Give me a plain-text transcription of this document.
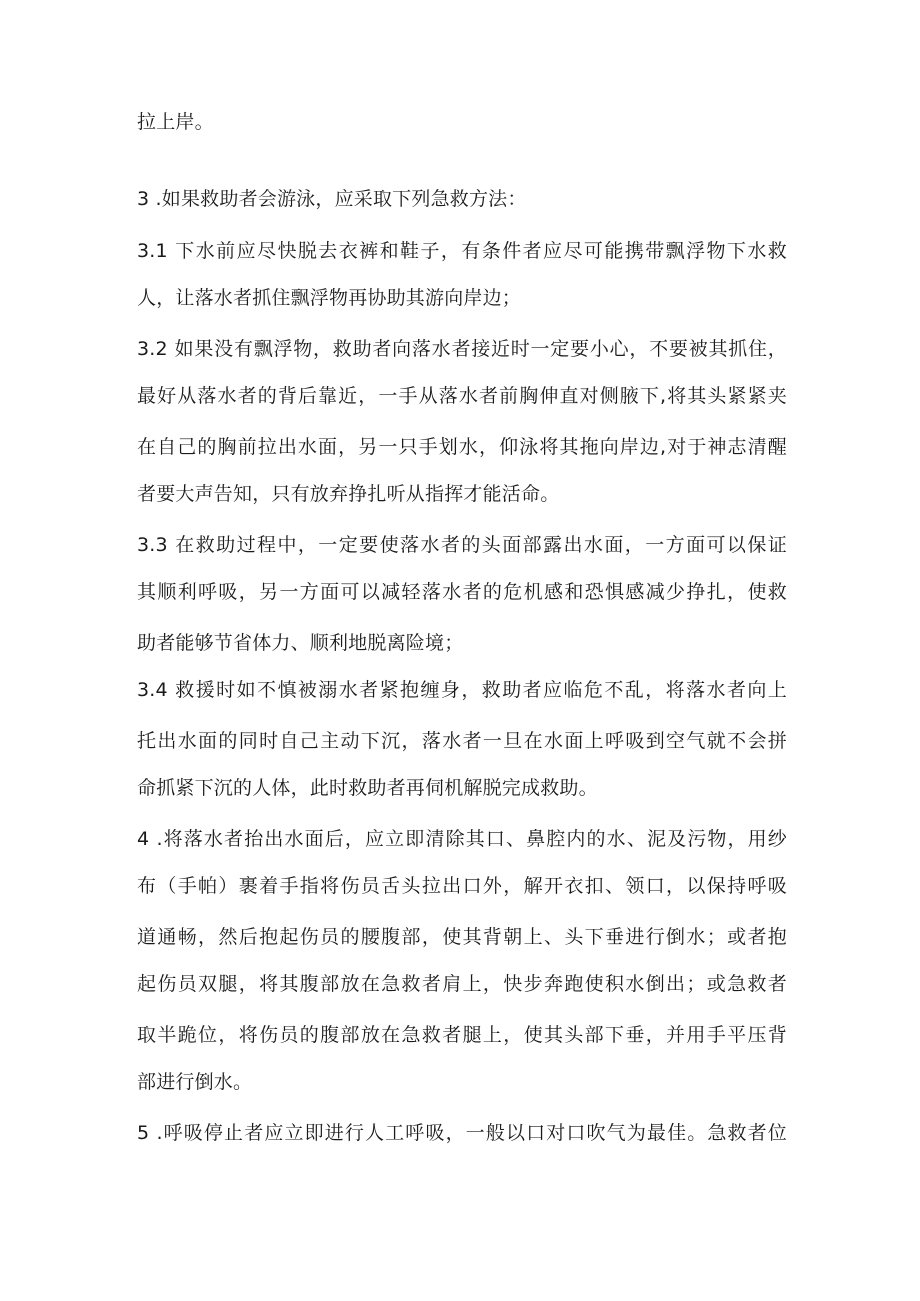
拉上岸。
3 .如果救助者会游泳，应采取下列急救方法：
3.1 下水前应尽快脱去衣裤和鞋子，有条件者应尽可能携带飘浮物下水救
人，让落水者抓住飘浮物再协助其游向岸边；
3.2 如果没有飘浮物，救助者向落水者接近时一定要小心，不要被其抓住，
最好从落水者的背后靠近，一手从落水者前胸伸直对侧腋下,将其头紧紧夹
在自己的胸前拉出水面，另一只手划水，仰泳将其拖向岸边,对于神志清醒
者要大声告知，只有放弃挣扎听从指挥才能活命。
3.3 在救助过程中，一定要使落水者的头面部露出水面，一方面可以保证
其顺利呼吸，另一方面可以减轻落水者的危机感和恐惧感减少挣扎，使救
助者能够节省体力、顺利地脱离险境；
3.4 救援时如不慎被溺水者紧抱缠身，救助者应临危不乱，将落水者向上
托出水面的同时自己主动下沉，落水者一旦在水面上呼吸到空气就不会拼
命抓紧下沉的人体，此时救助者再伺机解脱完成救助。
4 .将落水者抬出水面后，应立即清除其口、鼻腔内的水、泥及污物，用纱
布（手帕）裹着手指将伤员舌头拉出口外，解开衣扣、领口，以保持呼吸
道通畅，然后抱起伤员的腰腹部，使其背朝上、头下垂进行倒水；或者抱
起伤员双腿，将其腹部放在急救者肩上，快步奔跑使积水倒出；或急救者
取半跪位，将伤员的腹部放在急救者腿上，使其头部下垂，并用手平压背
部进行倒水。
5 .呼吸停止者应立即进行人工呼吸，一般以口对口吹气为最佳。急救者位
